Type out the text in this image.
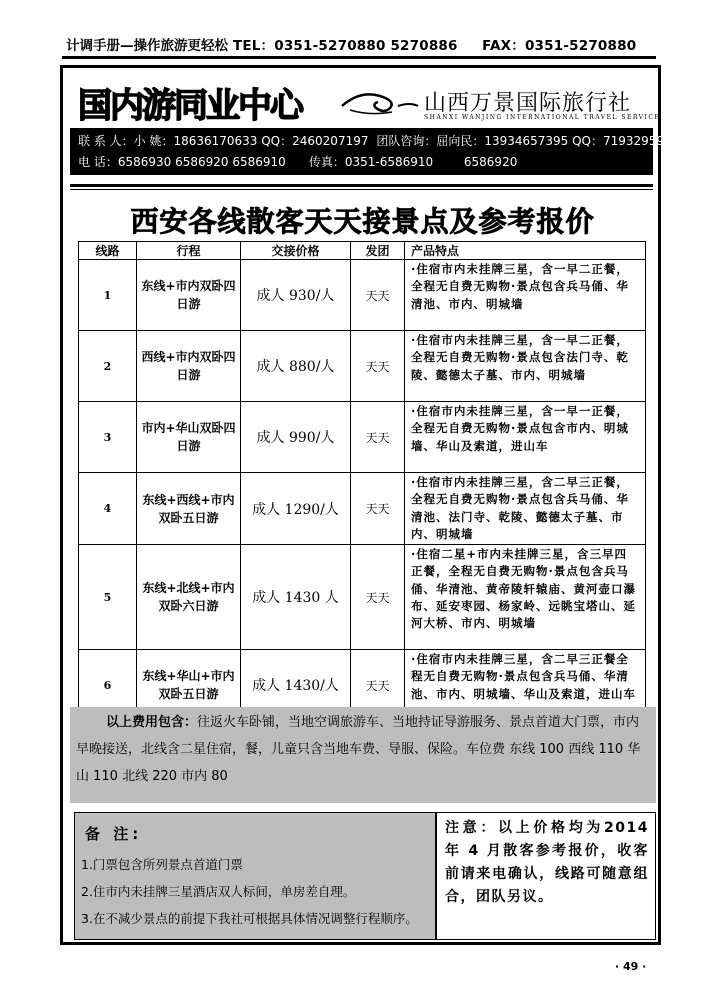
计调手册—操作旅游更轻松 TEL：0351-5270880 5270886 FAX：0351-5270880
国内游同业中心	山西万景国际旅行社
SHANXI WANJING INTERNATIONAL TRAVEL SERVICE
联 系 人：小 姚：18636170633 QQ：2460207197 团队咨询：屈向民：13934657395 QQ：719329599
电 话：6586930 6586920 6586910 传真：0351-6586910	6586920
西安各线散客天天接景点及参考报价
线路	行程	交接价格	发团	产品特点
1	东线+市内双卧四日游	成人 930/人	天天	·住宿市内未挂牌三星，含一早二正餐，全程无自费无购物·景点包含兵马俑、华清池、市内、明城墙
2	西线+市内双卧四日游	成人 880/人	天天	·住宿市内未挂牌三星，含一早二正餐，全程无自费无购物·景点包含法门寺、乾陵、懿德太子墓、市内、明城墙
3	市内+华山双卧四日游	成人 990/人	天天	·住宿市内未挂牌三星，含一早一正餐，全程无自费无购物·景点包含市内、明城墙、华山及索道，进山车
4	东线+西线+市内双卧五日游	成人 1290/人	天天	·住宿市内未挂牌三星，含二早三正餐，全程无自费无购物·景点包含兵马俑、华清池、法门寺、乾陵、懿德太子墓、市内、明城墙
5	东线+北线+市内双卧六日游	成人 1430 人	天天	·住宿二星+市内未挂牌三星，含三早四正餐，全程无自费无购物·景点包含兵马俑、华清池、黄帝陵轩辕庙、黄河壶口瀑布、延安枣园、杨家岭、远眺宝塔山、延河大桥、市内、明城墙
6	东线+华山+市内双卧五日游	成人 1430/人	天天	·住宿市内未挂牌三星，含二早三正餐全程无自费无购物·景点包含兵马俑、华清池、市内、明城墙、华山及索道，进山车
以上费用包含：往返火车卧铺，当地空调旅游车、当地持证导游服务、景点首道大门票，市内早晚接送，北线含二星住宿，餐，儿童只含当地车费、导服、保险。车位费 东线 100 西线 110 华山 110 北线 220 市内 80
备 注:
1.门票包含所列景点首道门票
2.住市内未挂牌三星酒店双人标间，单房差自理。
3.在不减少景点的前提下我社可根据具体情况调整行程顺序。
注意：以上价格均为2014 年 4 月散客参考报价，收客前请来电确认，线路可随意组合，团队另议。
· 49 ·
